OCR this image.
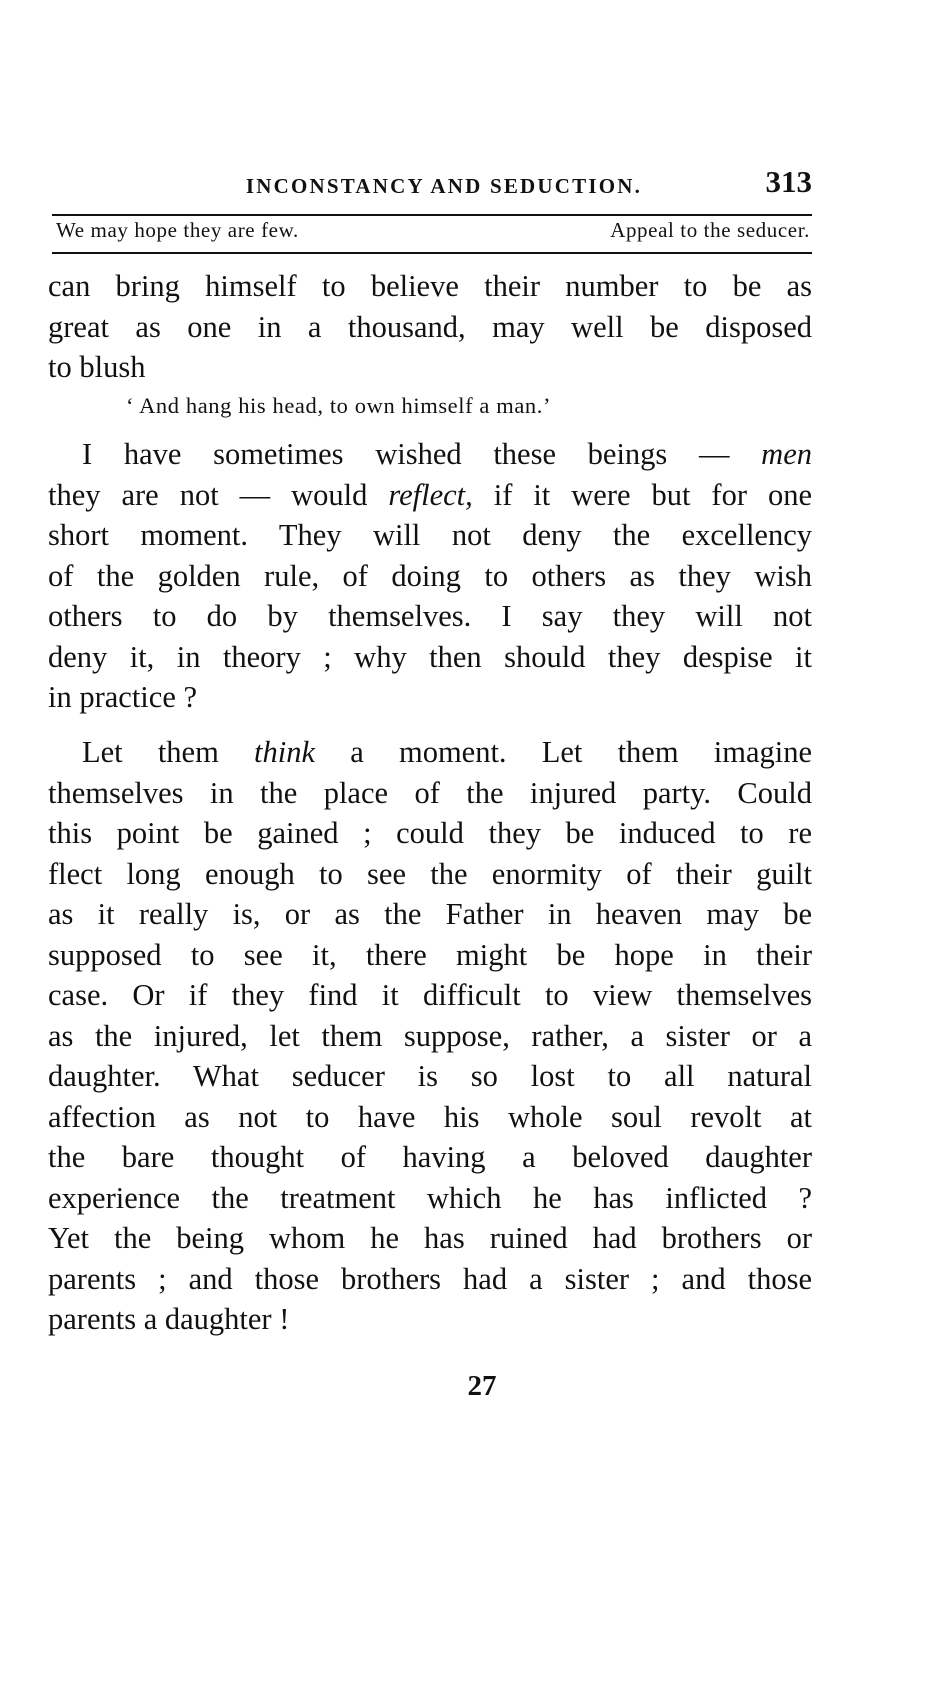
INCONSTANCY AND SEDUCTION.	313
We may hope they are few.	Appeal to the seducer.
can bring himself to believe their number to be as
great as one in a thousand, may well be disposed
to blush

‘ And hang his head, to own himself a man.’

I have sometimes wished these beings — men
they are not — would reflect, if it were but for one
short moment. They will not deny the excellency
of the golden rule, of doing to others as they wish
others to do by themselves. I say they will not
deny it, in theory ; why then should they despise it
in practice ?
Let them think a moment. Let them imagine
themselves in the place of the injured party. Could
this point be gained ; could they be induced to re
flect long enough to see the enormity of their guilt
as it really is, or as the Father in heaven may be
supposed to see it, there might be hope in their
case. Or if they find it difficult to view themselves
as the injured, let them suppose, rather, a sister or a
daughter. What seducer is so lost to all natural
affection as not to have his whole soul revolt at
the bare thought of having a beloved daughter
experience the treatment which he has inflicted ?
Yet the being whom he has ruined had brothers or
parents ; and those brothers had a sister ; and those
parents a daughter !
27
